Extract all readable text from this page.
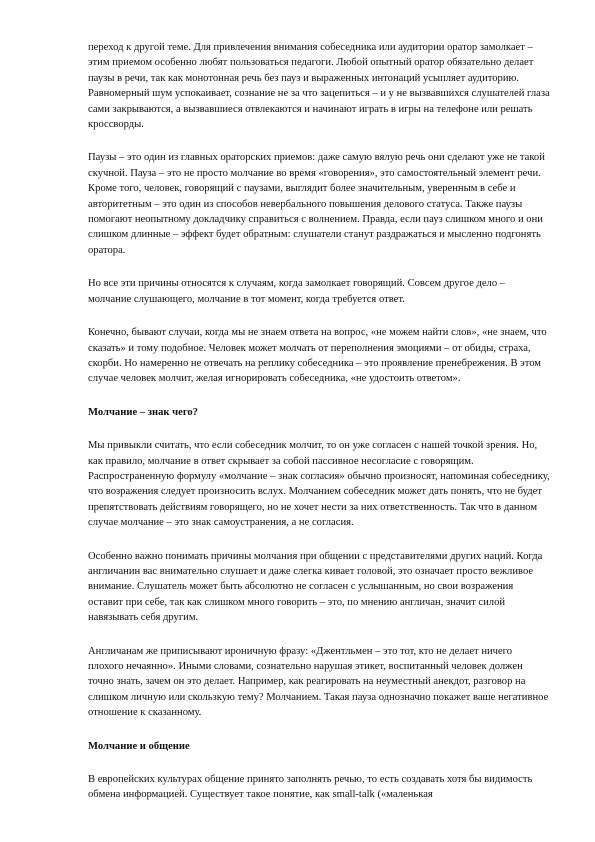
переход к другой теме. Для привлечения внимания собеседника или аудитории оратор замолкает – этим приемом особенно любят пользоваться педагоги. Любой опытный оратор обязательно делает паузы в речи, так как монотонная речь без пауз и выраженных интонаций усыпляет аудиторию. Равномерный шум успокаивает, сознание не за что зацепиться – и у не вызвавшихся слушателей глаза сами закрываются, а вызвавшиеся отвлекаются и начинают играть в игры на телефоне или решать кроссворды.

Паузы – это один из главных ораторских приемов: даже самую вялую речь они сделают уже не такой скучной. Пауза – это не просто молчание во время «говорения», это самостоятельный элемент речи. Кроме того, человек, говорящий с паузами, выглядит более значительным, уверенным в себе и авторитетным – это один из способов невербального повышения делового статуса. Также паузы помогают неопытному докладчику справиться с волнением. Правда, если пауз слишком много и они слишком длинные – эффект будет обратным: слушатели станут раздражаться и мысленно подгонять оратора.

Но все эти причины относятся к случаям, когда замолкает говорящий. Совсем другое дело – молчание слушающего, молчание в тот момент, когда требуется ответ.

Конечно, бывают случаи, когда мы не знаем ответа на вопрос, «не можем найти слов», «не знаем, что сказать» и тому подобное. Человек может молчать от переполнения эмоциями – от обиды, страха, скорби. Но намеренно не отвечать на реплику собеседника – это проявление пренебрежения. В этом случае человек молчит, желая игнорировать собеседника, «не удостоить ответом».

Молчание – знак чего?

Мы привыкли считать, что если собеседник молчит, то он уже согласен с нашей точкой зрения. Но, как правило, молчание в ответ скрывает за собой пассивное несогласие с говорящим. Распространенную формулу «молчание – знак согласия» обычно произносят, напоминая собеседнику, что возражения следует произносить вслух. Молчанием собеседник может дать понять, что не будет препятствовать действиям говорящего, но не хочет нести за них ответственность. Так что в данном случае молчание – это знак самоустранения, а не согласия.

Особенно важно понимать причины молчания при общении с представителями других наций. Когда англичанин вас внимательно слушает и даже слегка кивает головой, это означает просто вежливое внимание. Слушатель может быть абсолютно не согласен с услышанным, но свои возражения оставит при себе, так как слишком много говорить – это, по мнению англичан, значит силой навязывать себя другим.

Англичанам же приписывают ироничную фразу: «Джентльмен – это тот, кто не делает ничего плохого нечаянно». Иными словами, сознательно нарушая этикет, воспитанный человек должен точно знать, зачем он это делает. Например, как реагировать на неуместный анекдот, разговор на слишком личную или скользкую тему? Молчанием. Такая пауза однозначно покажет ваше негативное отношение к сказанному.

Молчание и общение

В европейских культурах общение принято заполнять речью, то есть создавать хотя бы видимость обмена информацией. Существует такое понятие, как small-talk («маленькая
